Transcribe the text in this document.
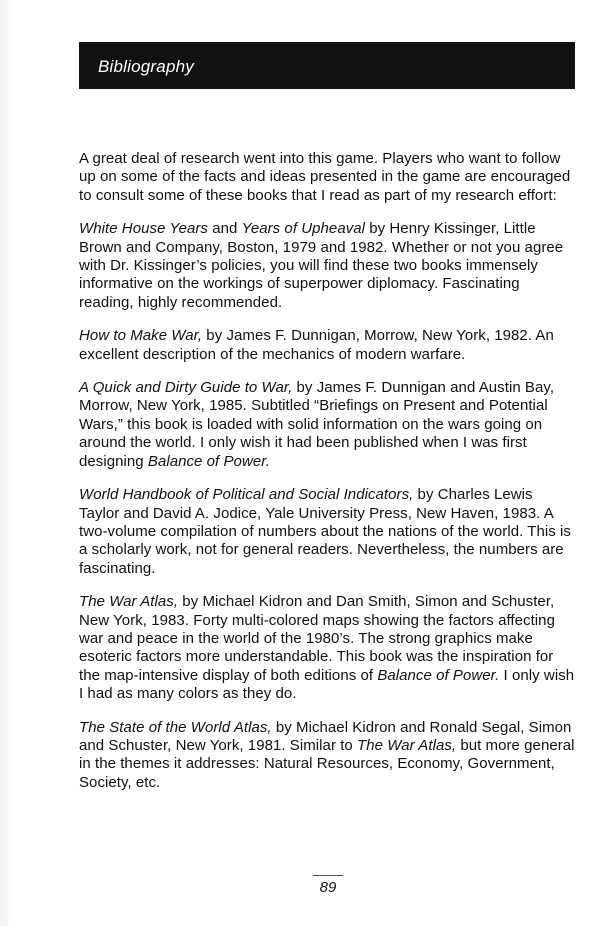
Bibliography

A great deal of research went into this game. Players who want to follow up on some of the facts and ideas presented in the game are encouraged to consult some of these books that I read as part of my research effort:

White House Years and Years of Upheaval by Henry Kissinger, Little Brown and Company, Boston, 1979 and 1982. Whether or not you agree with Dr. Kissinger’s policies, you will find these two books immensely informative on the workings of superpower diplomacy. Fascinating reading, highly recommended.

How to Make War, by James F. Dunnigan, Morrow, New York, 1982. An excellent description of the mechanics of modern warfare.

A Quick and Dirty Guide to War, by James F. Dunnigan and Austin Bay, Morrow, New York, 1985. Subtitled “Briefings on Present and Potential Wars,” this book is loaded with solid information on the wars going on around the world. I only wish it had been published when I was first designing Balance of Power.

World Handbook of Political and Social Indicators, by Charles Lewis Taylor and David A. Jodice, Yale University Press, New Haven, 1983. A two-volume compilation of numbers about the nations of the world. This is a scholarly work, not for general readers. Nevertheless, the numbers are fascinating.

The War Atlas, by Michael Kidron and Dan Smith, Simon and Schuster, New York, 1983. Forty multi-colored maps showing the factors affecting war and peace in the world of the 1980’s. The strong graphics make esoteric factors more understandable. This book was the inspiration for the map-intensive display of both editions of Balance of Power. I only wish I had as many colors as they do.

The State of the World Atlas, by Michael Kidron and Ronald Segal, Simon and Schuster, New York, 1981. Similar to The War Atlas, but more general in the themes it addresses: Natural Resources, Economy, Government, Society, etc.

89
